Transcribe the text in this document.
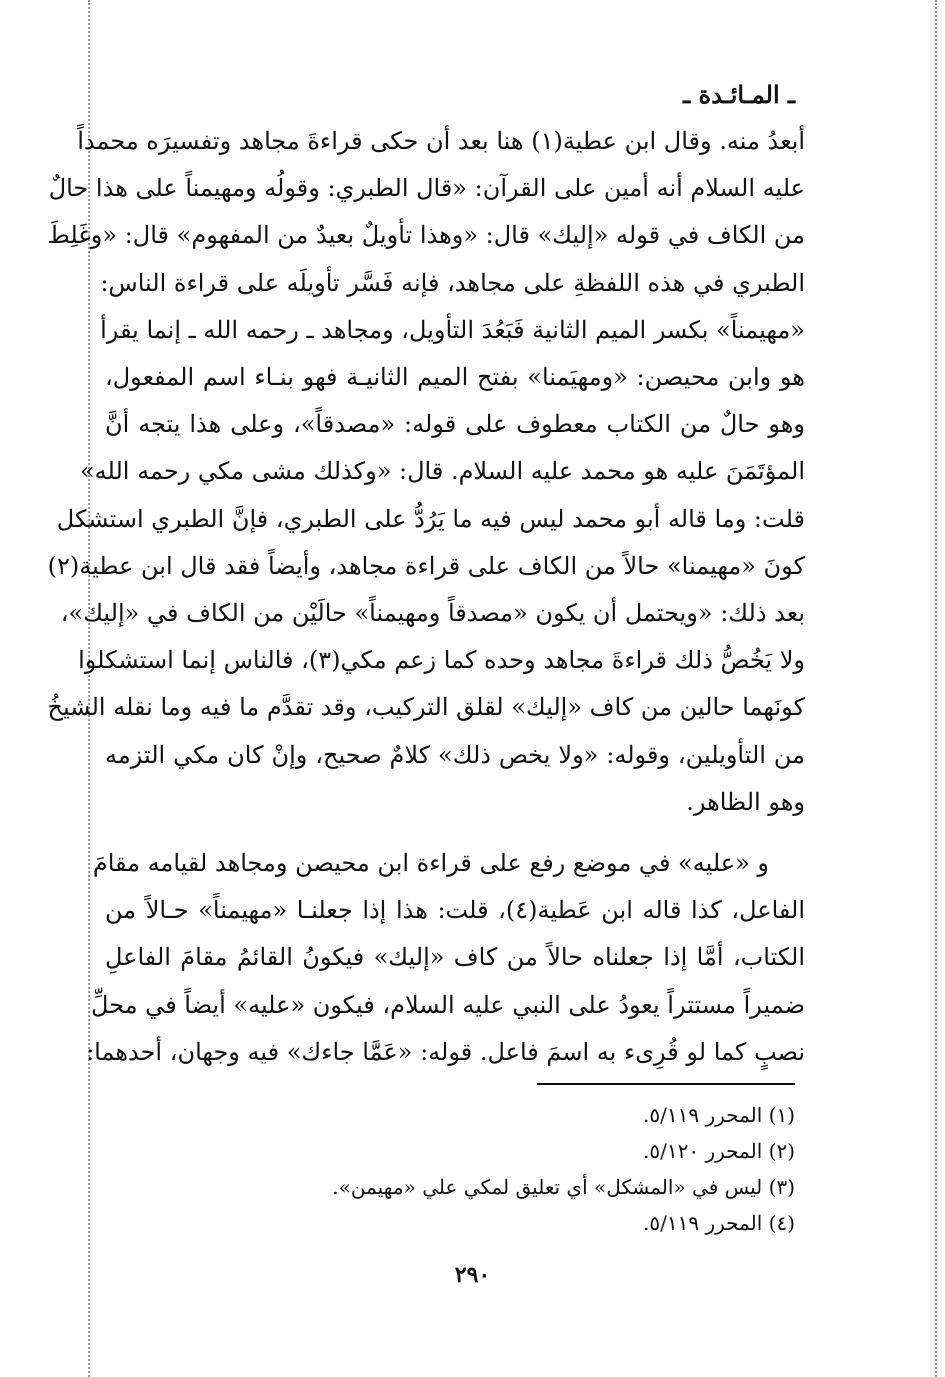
ـ المـائـدة ـ

أبعدُ منه. وقال ابن عطية(١) هنا بعد أن حكى قراءةَ مجاهد وتفسيرَه محمداً
عليه السلام أنه أمين على القرآن: «قال الطبري: وقولُه ومهيمناً على هذا حالٌ
من الكاف في قوله «إليك» قال: «وهذا تأويلٌ بعيدٌ من المفهوم» قال: «وغَلِطَ
الطبري في هذه اللفظةِ على مجاهد، فإنه فَسَّر تأويلَه على قراءة الناس:
«مهيمناً» بكسر الميم الثانية فَبَعُدَ التأويل، ومجاهد ـ رحمه الله ـ إنما يقرأ
هو وابن محيصن: «ومهيَمنا» بفتح الميم الثانيـة فهو بنـاء اسم المفعول،
وهو حالٌ من الكتاب معطوف على قوله: «مصدقاً»، وعلى هذا يتجه أنَّ
المؤتَمَنَ عليه هو محمد عليه السلام. قال: «وكذلك مشى مكي رحمه الله»
قلت: وما قاله أبو محمد ليس فيه ما يَرُدُّ على الطبري، فإنَّ الطبري استشكل
كونَ «مهيمنا» حالاً من الكاف على قراءة مجاهد، وأيضاً فقد قال ابن عطية(٢)
بعد ذلك: «ويحتمل أن يكون «مصدقاً ومهيمناً» حالَيْن من الكاف في «إليك»،
ولا يَخُصُّ ذلك قراءةَ مجاهد وحده كما زعم مكي(٣)، فالناس إنما استشكلوا
كونَهما حالين من كاف «إليك» لقلق التركيب، وقد تقدَّم ما فيه وما نقله الشيخُ
من التأويلين، وقوله: «ولا يخص ذلك» كلامٌ صحيح، وإنْ كان مكي التزمه
وهو الظاهر.

و «عليه» في موضع رفع على قراءة ابن محيصن ومجاهد لقيامه مقامَ
الفاعل، كذا قاله ابن عَطية(٤)، قلت: هذا إذا جعلنـا «مهيمناً» حـالاً من
الكتاب، أمَّا إذا جعلناه حالاً من كاف «إليك» فيكونُ القائمُ مقامَ الفاعلِ
ضميراً مستتراً يعودُ على النبي عليه السلام، فيكون «عليه» أيضاً في محلِّ
نصبٍ كما لو قُرِىء به اسمَ فاعل. قوله: «عَمَّا جاءك» فيه وجهان، أحدهما:

(١) المحرر ٥/١١٩.
(٢) المحرر ٥/١٢٠.
(٣) ليس في «المشكل» أي تعليق لمكي علي «مهيمن».
(٤) المحرر ٥/١١٩.
٢٩٠
